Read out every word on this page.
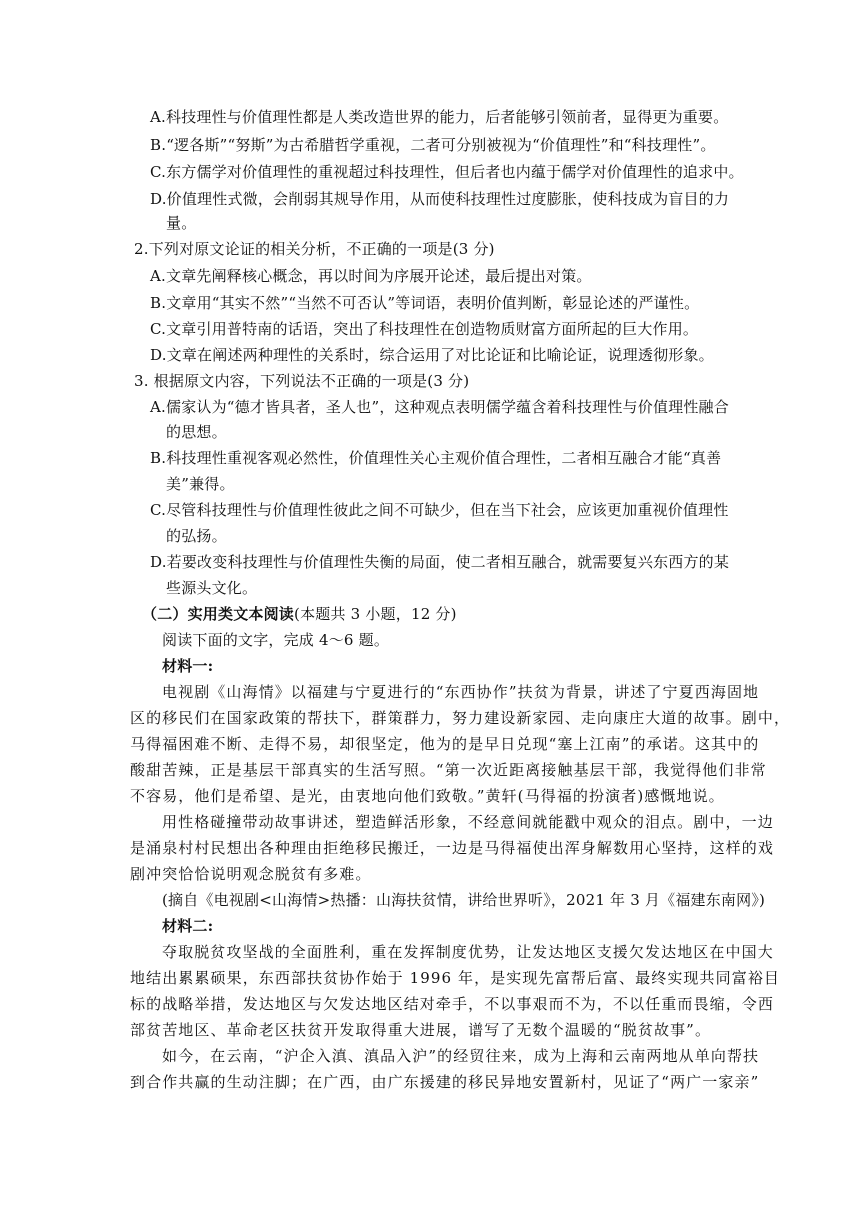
A.科技理性与价值理性都是人类改造世界的能力，后者能够引领前者，显得更为重要。
B.“逻各斯”“努斯”为古希腊哲学重视，二者可分别被视为“价值理性”和“科技理性”。
C.东方儒学对价值理性的重视超过科技理性，但后者也内蕴于儒学对价值理性的追求中。
D.价值理性式微，会削弱其规导作用，从而使科技理性过度膨胀，使科技成为盲目的力
量。
2.下列对原文论证的相关分析，不正确的一项是(3 分)
A.文章先阐释核心概念，再以时间为序展开论述，最后提出对策。
B.文章用“其实不然”“当然不可否认”等词语，表明价值判断，彰显论述的严谨性。
C.文章引用普特南的话语，突出了科技理性在创造物质财富方面所起的巨大作用。
D.文章在阐述两种理性的关系时，综合运用了对比论证和比喻论证，说理透彻形象。
3. 根据原文内容，下列说法不正确的一项是(3 分)
A.儒家认为“德才皆具者，圣人也”，这种观点表明儒学蕴含着科技理性与价值理性融合
的思想。
B.科技理性重视客观必然性，价值理性关心主观价值合理性，二者相互融合才能“真善
美”兼得。
C.尽管科技理性与价值理性彼此之间不可缺少，但在当下社会，应该更加重视价值理性
的弘扬。
D.若要改变科技理性与价值理性失衡的局面，使二者相互融合，就需要复兴东西方的某
些源头文化。
（二）实用类文本阅读(本题共 3 小题，12 分)
阅读下面的文字，完成 4～6 题。
材料一:
电视剧《山海情》以福建与宁夏进行的“东西协作”扶贫为背景，讲述了宁夏西海固地
区的移民们在国家政策的帮扶下，群策群力，努力建设新家园、走向康庄大道的故事。剧中，
马得福困难不断、走得不易，却很坚定，他为的是早日兑现“塞上江南”的承诺。这其中的
酸甜苦辣，正是基层干部真实的生活写照。“第一次近距离接触基层干部，我觉得他们非常
不容易，他们是希望、是光，由衷地向他们致敬。”黄轩(马得福的扮演者)感慨地说。
用性格碰撞带动故事讲述，塑造鲜活形象，不经意间就能戳中观众的泪点。剧中，一边
是涌泉村村民想出各种理由拒绝移民搬迁，一边是马得福使出浑身解数用心坚持，这样的戏
剧冲突恰恰说明观念脱贫有多难。
(摘自《电视剧<山海情>热播：山海扶贫情，讲给世界听》，2021 年 3 月《福建东南网》)
材料二:
夺取脱贫攻坚战的全面胜利，重在发挥制度优势，让发达地区支援欠发达地区在中国大
地结出累累硕果，东西部扶贫协作始于 1996 年，是实现先富帮后富、最终实现共同富裕目
标的战略举措，发达地区与欠发达地区结对牵手，不以事艰而不为，不以任重而畏缩，令西
部贫苦地区、革命老区扶贫开发取得重大进展，谱写了无数个温暖的“脱贫故事”。
如今，在云南，“沪企入滇、滇品入沪”的经贸往来，成为上海和云南两地从单向帮扶
到合作共赢的生动注脚；在广西，由广东援建的移民异地安置新村，见证了“两广一家亲”
